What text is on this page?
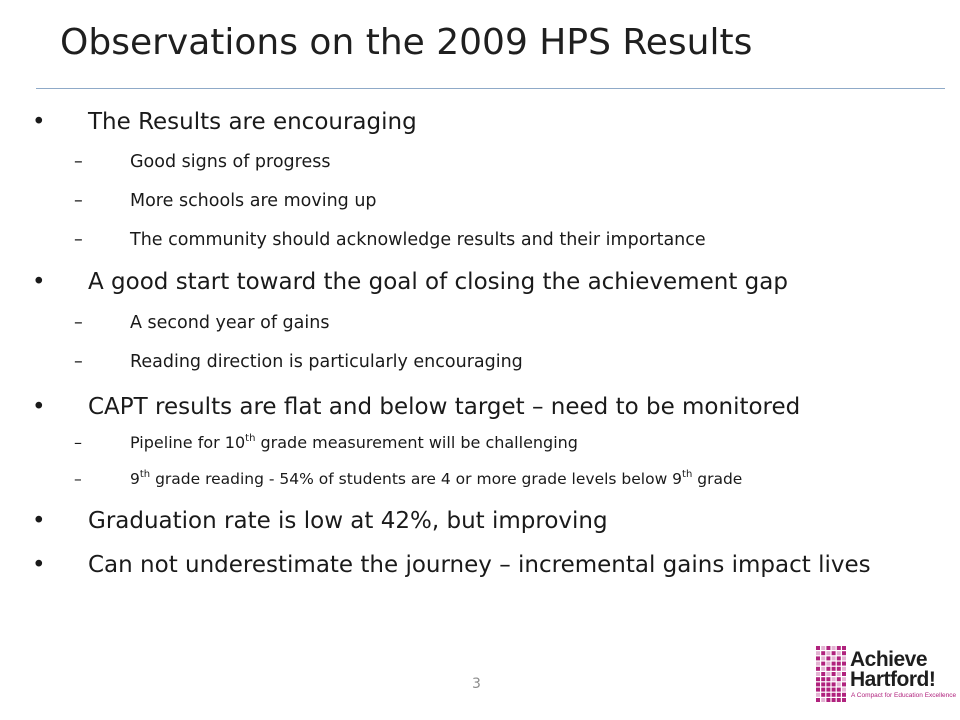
Observations on the 2009 HPS Results
• The Results are encouraging
–	Good signs of progress
–	More schools are moving up
–	The community should acknowledge results and their importance
• A good start toward the goal of closing the achievement gap
–	A second year of gains
–	Reading direction is particularly encouraging
• CAPT results are flat and below target – need to be monitored
–	Pipeline for 10th grade measurement will be challenging
–	9th grade reading - 54% of students are 4 or more grade levels below 9th grade
• Graduation rate is low at 42%, but improving
• Can not underestimate the journey – incremental gains impact lives
3
Achieve
Hartford!
A Compact for Education Excellence
